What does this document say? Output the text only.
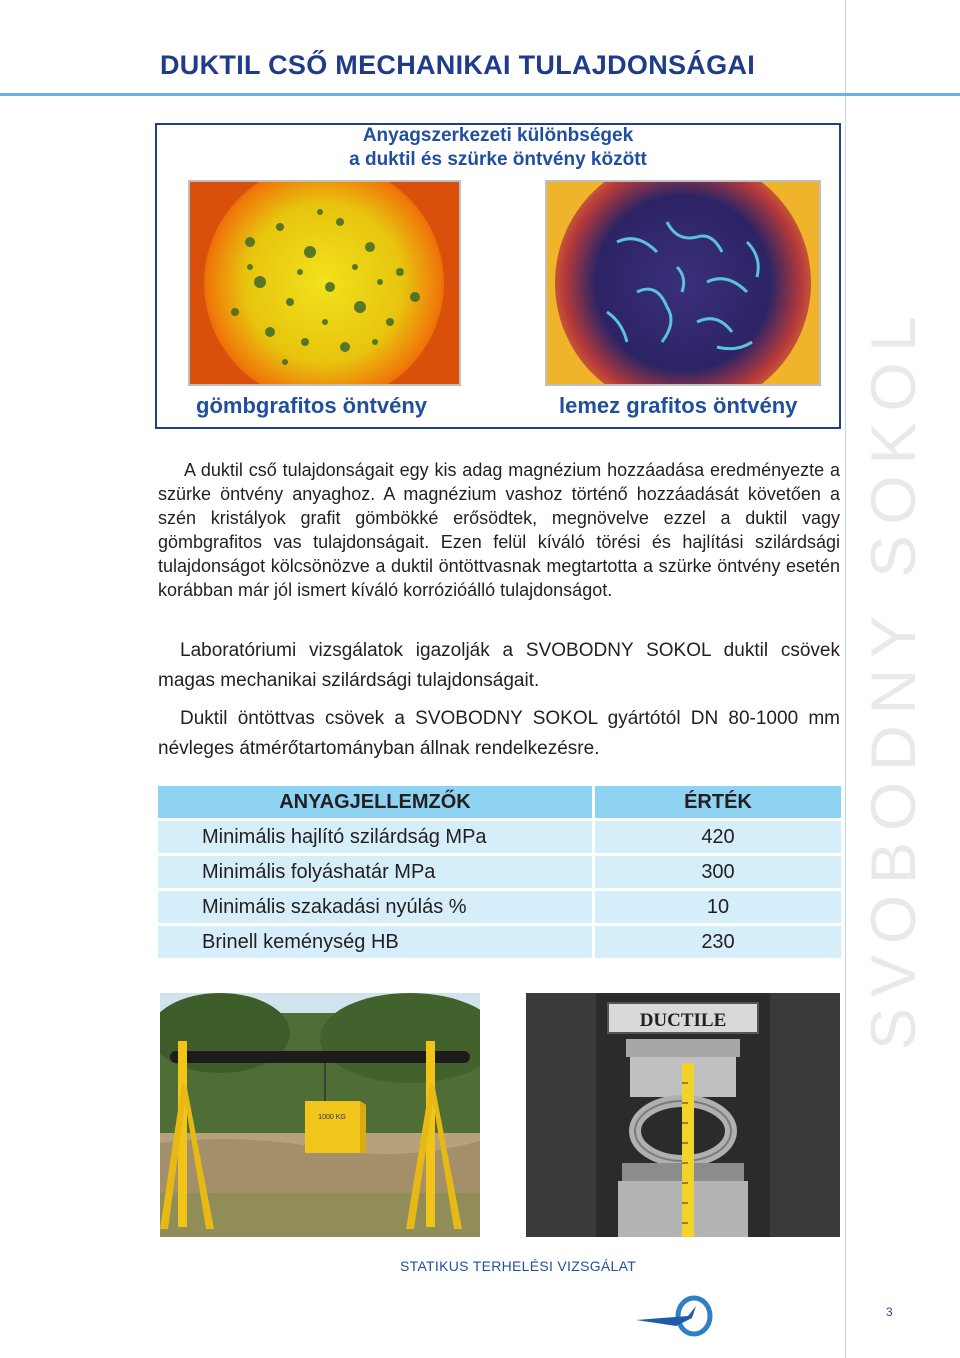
SVOBODNY SOKOL
DUKTIL CSŐ MECHANIKAI TULAJDONSÁGAI
Anyagszerkezeti különbségek
a duktil és szürke öntvény között
gömbgrafitos öntvény	lemez grafitos öntvény

A duktil cső tulajdonságait egy kis adag magnézium hozzáadása eredményezte a szürke öntvény anyaghoz. A magnézium vashoz történő hozzáadását követően a szén kristályok grafit gömbökké erősödtek, megnövelve ezzel a duktil vagy gömbgrafitos vas tulajdonságait. Ezen felül kíváló törési és hajlítási szilárdsági tulajdonságot kölcsönözve a duktil öntöttvasnak megtartotta a szürke öntvény esetén korábban már jól ismert kíváló korrózióálló tulajdonságot.

Laboratóriumi vizsgálatok igazolják a SVOBODNY SOKOL duktil csövek magas mechanikai szilárdsági tulajdonságait.

Duktil öntöttvas csövek a SVOBODNY SOKOL gyártótól DN 80-1000 mm névleges átmérőtartományban állnak rendelkezésre.

ANYAGJELLEMZŐK	ÉRTÉK
Minimális hajlító szilárdság MPa	420
Minimális folyáshatár MPa	300
Minimális szakadási nyúlás %	10
Brinell keménység HB	230
1000 KG
DUCTILE
STATIKUS TERHELÉSI VIZSGÁLAT
3
